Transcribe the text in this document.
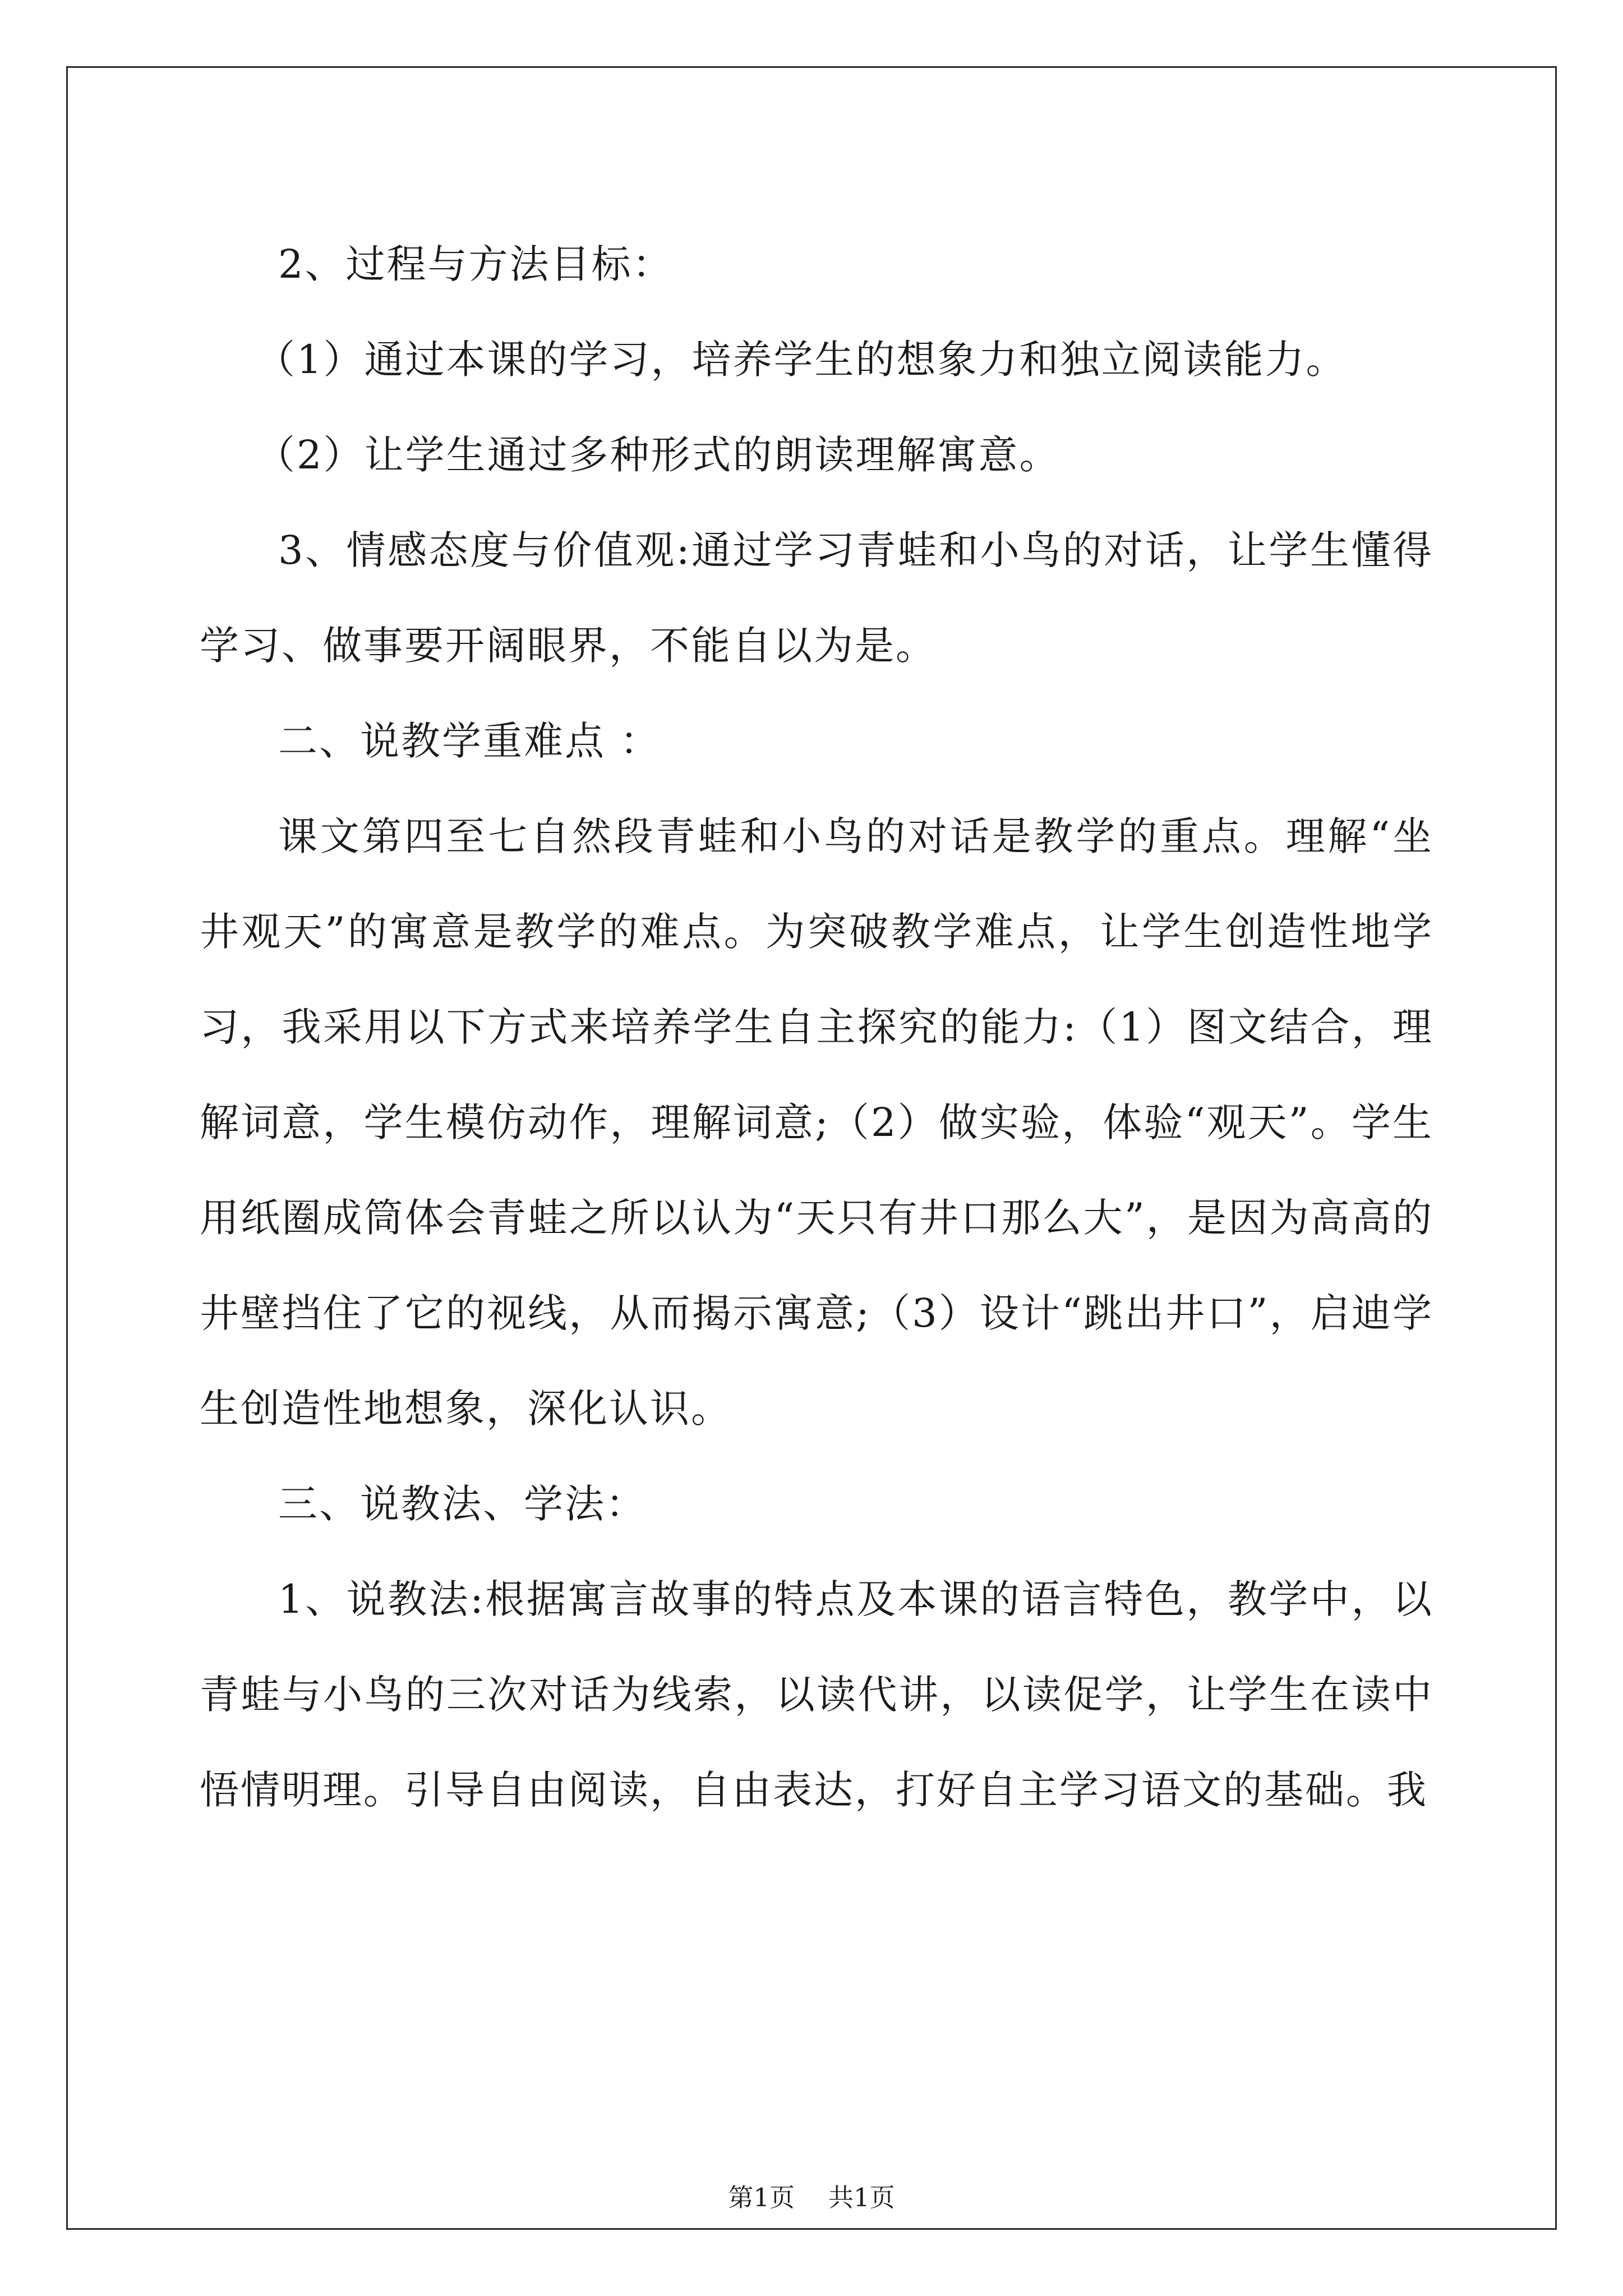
2、过程与方法目标：

（1）通过本课的学习，培养学生的想象力和独立阅读能力。

（2）让学生通过多种形式的朗读理解寓意。

3、情感态度与价值观:通过学习青蛙和小鸟的对话，让学生懂得学习、做事要开阔眼界，不能自以为是。

二、说教学重难点 ：

课文第四至七自然段青蛙和小鸟的对话是教学的重点。理解“坐井观天”的寓意是教学的难点。为突破教学难点，让学生创造性地学习，我采用以下方式来培养学生自主探究的能力:（1）图文结合，理解词意，学生模仿动作，理解词意;（2）做实验，体验“观天”。学生用纸圈成筒体会青蛙之所以认为“天只有井口那么大”，是因为高高的井壁挡住了它的视线，从而揭示寓意;（3）设计“跳出井口”，启迪学生创造性地想象，深化认识。

三、说教法、学法：

1、说教法:根据寓言故事的特点及本课的语言特色，教学中，以青蛙与小鸟的三次对话为线索，以读代讲，以读促学，让学生在读中悟情明理。引导自由阅读，自由表达，打好自主学习语文的基础。我

第1页 共1页
